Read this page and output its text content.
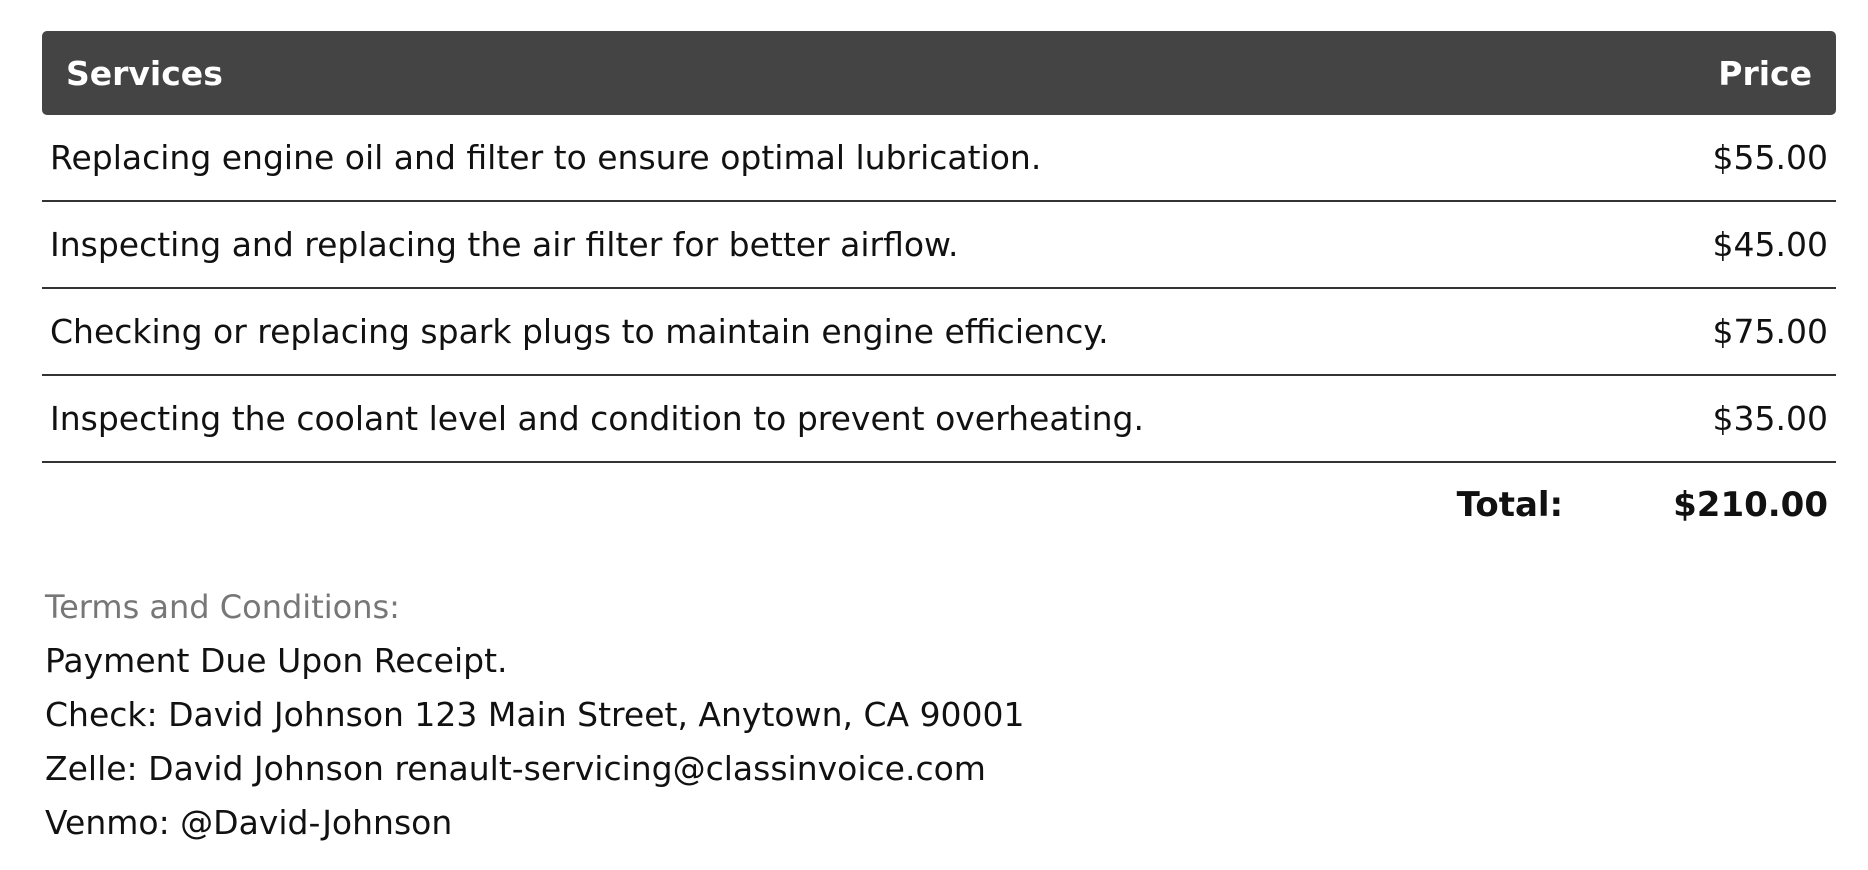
Services	Price
Replacing engine oil and filter to ensure optimal lubrication.	$55.00
Inspecting and replacing the air filter for better airflow.	$45.00
Checking or replacing spark plugs to maintain engine efficiency.	$75.00
Inspecting the coolant level and condition to prevent overheating.	$35.00
Total:	$210.00
Terms and Conditions:
Payment Due Upon Receipt.
Check: David Johnson 123 Main Street, Anytown, CA 90001
Zelle: David Johnson renault-servicing@classinvoice.com
Venmo: @David-Johnson
